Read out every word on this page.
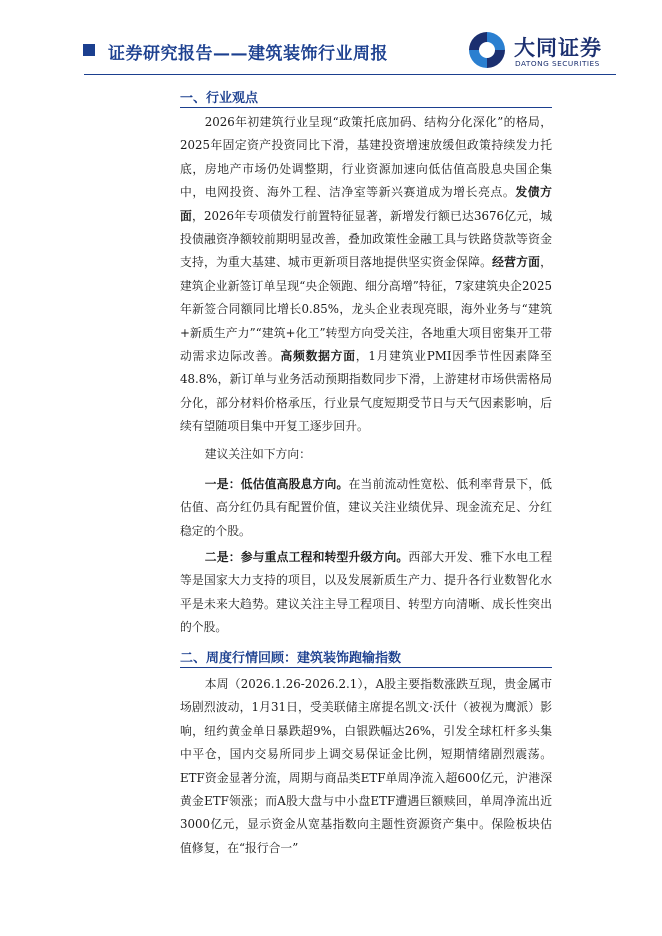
证券研究报告——建筑装饰行业周报	大同证券
DATONG SECURITIES
一、行业观点

2026年初建筑行业呈现“政策托底加码、结构分化深化”的格局，2025年固定资产投资同比下滑，基建投资增速放缓但政策持续发力托底，房地产市场仍处调整期，行业资源加速向低估值高股息央国企集中，电网投资、海外工程、洁净室等新兴赛道成为增长亮点。发债方面，2026年专项债发行前置特征显著，新增发行额已达3676亿元，城投债融资净额较前期明显改善，叠加政策性金融工具与铁路贷款等资金支持，为重大基建、城市更新项目落地提供坚实资金保障。经营方面，建筑企业新签订单呈现“央企领跑、细分高增”特征，7家建筑央企2025年新签合同额同比增长0.85%，龙头企业表现亮眼，海外业务与“建筑+新质生产力”“建筑+化工”转型方向受关注，各地重大项目密集开工带动需求边际改善。高频数据方面，1月建筑业PMI因季节性因素降至48.8%，新订单与业务活动预期指数同步下滑，上游建材市场供需格局分化，部分材料价格承压，行业景气度短期受节日与天气因素影响，后续有望随项目集中开复工逐步回升。

建议关注如下方向：

一是：低估值高股息方向。在当前流动性宽松、低利率背景下，低估值、高分红仍具有配置价值，建议关注业绩优异、现金流充足、分红稳定的个股。

二是：参与重点工程和转型升级方向。西部大开发、雅下水电工程等是国家大力支持的项目，以及发展新质生产力、提升各行业数智化水平是未来大趋势。建议关注主导工程项目、转型方向清晰、成长性突出的个股。

二、周度行情回顾：建筑装饰跑输指数

本周（2026.1.26-2026.2.1），A股主要指数涨跌互现，贵金属市场剧烈波动，1月31日，受美联储主席提名凯文·沃什（被视为鹰派）影响，纽约黄金单日暴跌超9%，白银跌幅达26%，引发全球杠杆多头集中平仓，国内交易所同步上调交易保证金比例，短期情绪剧烈震荡。ETF资金显著分流，周期与商品类ETF单周净流入超600亿元，沪港深黄金ETF领涨；而A股大盘与中小盘ETF遭遇巨额赎回，单周净流出近3000亿元，显示资金从宽基指数向主题性资源资产集中。保险板块估值修复，在“报行合一”
